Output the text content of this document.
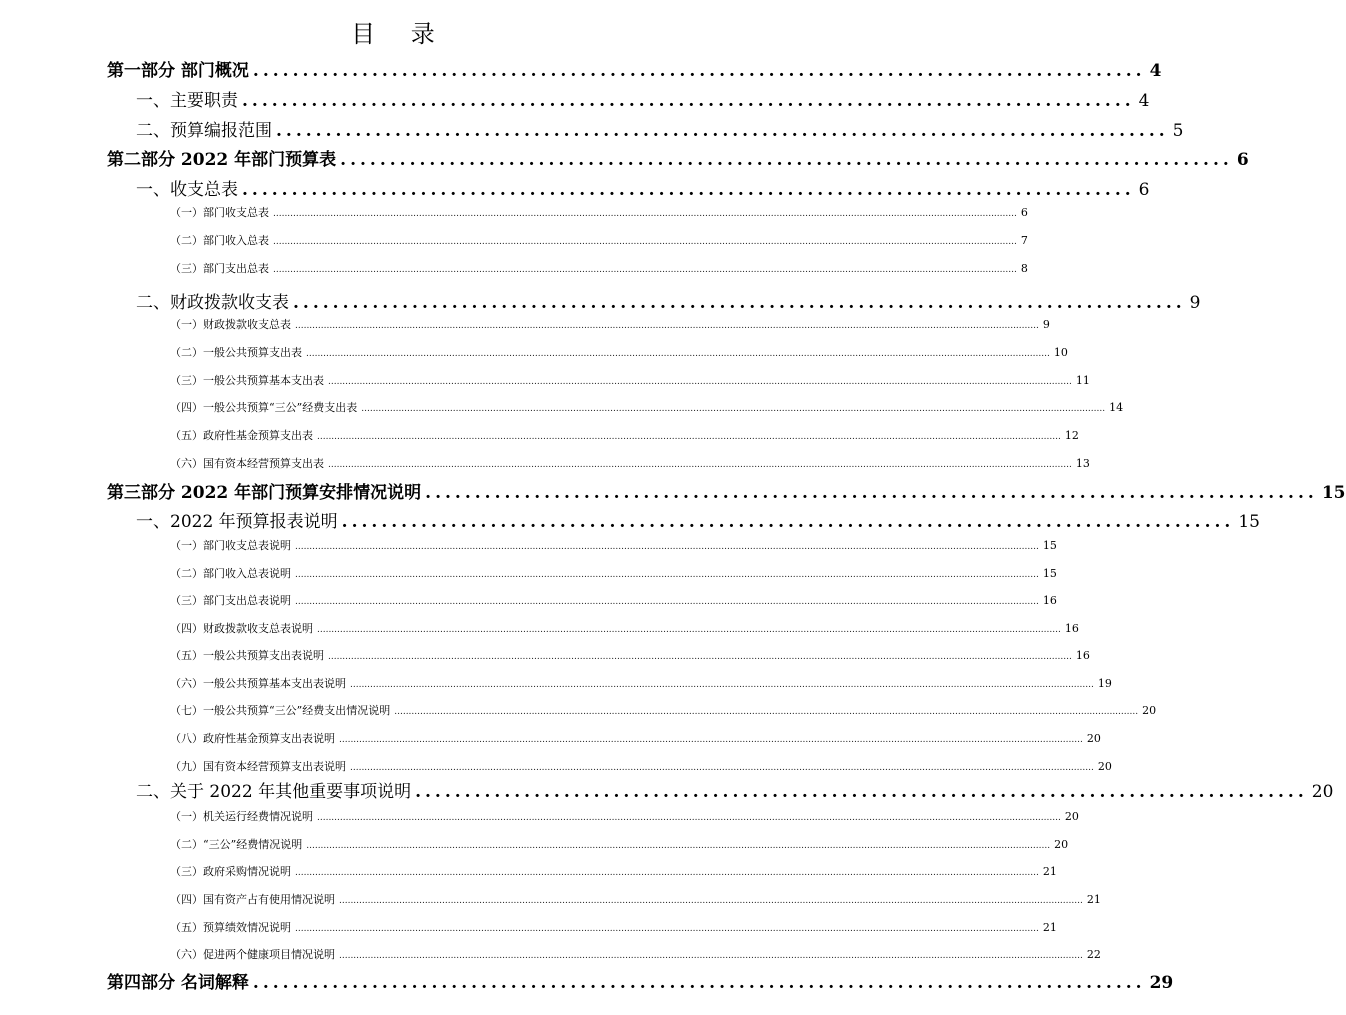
目 录
第一部分 部门概况 .......................................................................................... 4
一、主要职责 .......................................................................................... 4
二、预算编报范围 .......................................................................................... 5
第二部分 2022 年部门预算表 .......................................................................................... 6
一、收支总表 .......................................................................................... 6
（一）部门收支总表 .................................................................................................................................................................................................................................................................... 6
（二）部门收入总表 .................................................................................................................................................................................................................................................................... 7
（三）部门支出总表 .................................................................................................................................................................................................................................................................... 8
二、财政拨款收支表 .......................................................................................... 9
（一）财政拨款收支总表 .................................................................................................................................................................................................................................................................... 9
（二）一般公共预算支出表 .................................................................................................................................................................................................................................................................... 10
（三）一般公共预算基本支出表 .................................................................................................................................................................................................................................................................... 11
（四）一般公共预算“三公”经费支出表 .................................................................................................................................................................................................................................................................... 14
（五）政府性基金预算支出表 .................................................................................................................................................................................................................................................................... 12
（六）国有资本经营预算支出表 .................................................................................................................................................................................................................................................................... 13
第三部分 2022 年部门预算安排情况说明 .......................................................................................... 15
一、2022 年预算报表说明 .......................................................................................... 15
（一）部门收支总表说明 .................................................................................................................................................................................................................................................................... 15
（二）部门收入总表说明 .................................................................................................................................................................................................................................................................... 15
（三）部门支出总表说明 .................................................................................................................................................................................................................................................................... 16
（四）财政拨款收支总表说明 .................................................................................................................................................................................................................................................................... 16
（五）一般公共预算支出表说明 .................................................................................................................................................................................................................................................................... 16
（六）一般公共预算基本支出表说明 .................................................................................................................................................................................................................................................................... 19
（七）一般公共预算“三公”经费支出情况说明 .................................................................................................................................................................................................................................................................... 20
（八）政府性基金预算支出表说明 .................................................................................................................................................................................................................................................................... 20
（九）国有资本经营预算支出表说明 .................................................................................................................................................................................................................................................................... 20
二、关于 2022 年其他重要事项说明 .......................................................................................... 20
（一）机关运行经费情况说明 .................................................................................................................................................................................................................................................................... 20
（二）“三公”经费情况说明 .................................................................................................................................................................................................................................................................... 20
（三）政府采购情况说明 .................................................................................................................................................................................................................................................................... 21
（四）国有资产占有使用情况说明 .................................................................................................................................................................................................................................................................... 21
（五）预算绩效情况说明 .................................................................................................................................................................................................................................................................... 21
（六）促进两个健康项目情况说明 .................................................................................................................................................................................................................................................................... 22
第四部分 名词解释 .......................................................................................... 29
